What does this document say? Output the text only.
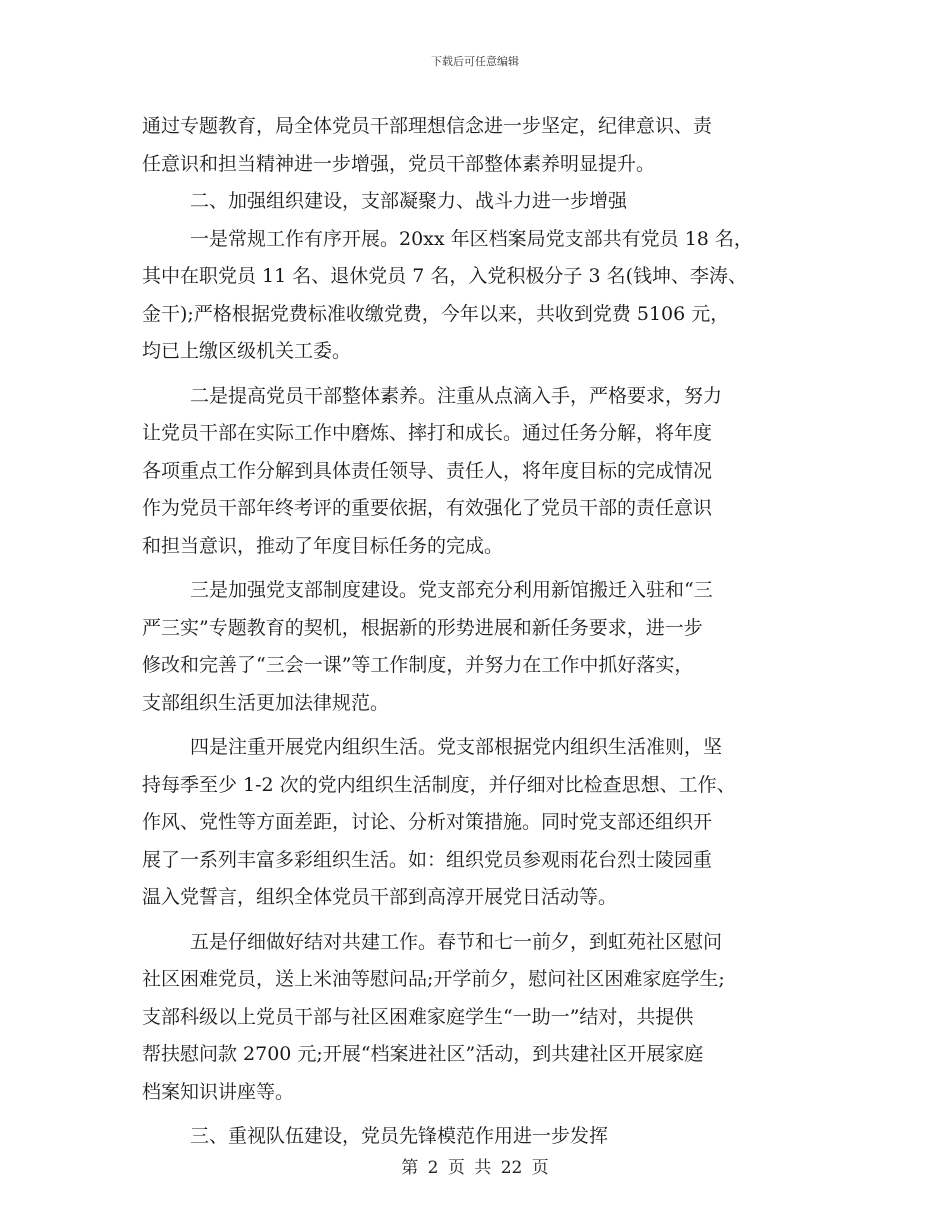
下载后可任意编辑
通过专题教育，局全体党员干部理想信念进一步坚定，纪律意识、责
任意识和担当精神进一步增强，党员干部整体素养明显提升。
二、加强组织建设，支部凝聚力、战斗力进一步增强
一是常规工作有序开展。20xx 年区档案局党支部共有党员 18 名，
其中在职党员 11 名、退休党员 7 名，入党积极分子 3 名(钱坤、李涛、
金干);严格根据党费标准收缴党费，今年以来，共收到党费 5106 元，
均已上缴区级机关工委。
二是提高党员干部整体素养。注重从点滴入手，严格要求，努力
让党员干部在实际工作中磨炼、摔打和成长。通过任务分解，将年度
各项重点工作分解到具体责任领导、责任人，将年度目标的完成情况
作为党员干部年终考评的重要依据，有效强化了党员干部的责任意识
和担当意识，推动了年度目标任务的完成。
三是加强党支部制度建设。党支部充分利用新馆搬迁入驻和“三
严三实”专题教育的契机，根据新的形势进展和新任务要求，进一步
修改和完善了“三会一课”等工作制度，并努力在工作中抓好落实，
支部组织生活更加法律规范。
四是注重开展党内组织生活。党支部根据党内组织生活准则，坚
持每季至少 1-2 次的党内组织生活制度，并仔细对比检查思想、工作、
作风、党性等方面差距，讨论、分析对策措施。同时党支部还组织开
展了一系列丰富多彩组织生活。如：组织党员参观雨花台烈士陵园重
温入党誓言，组织全体党员干部到高淳开展党日活动等。
五是仔细做好结对共建工作。春节和七一前夕，到虹苑社区慰问
社区困难党员，送上米油等慰问品;开学前夕，慰问社区困难家庭学生;
支部科级以上党员干部与社区困难家庭学生“一助一”结对，共提供
帮扶慰问款 2700 元;开展“档案进社区”活动，到共建社区开展家庭
档案知识讲座等。
三、重视队伍建设，党员先锋模范作用进一步发挥
第 2 页 共 22 页
